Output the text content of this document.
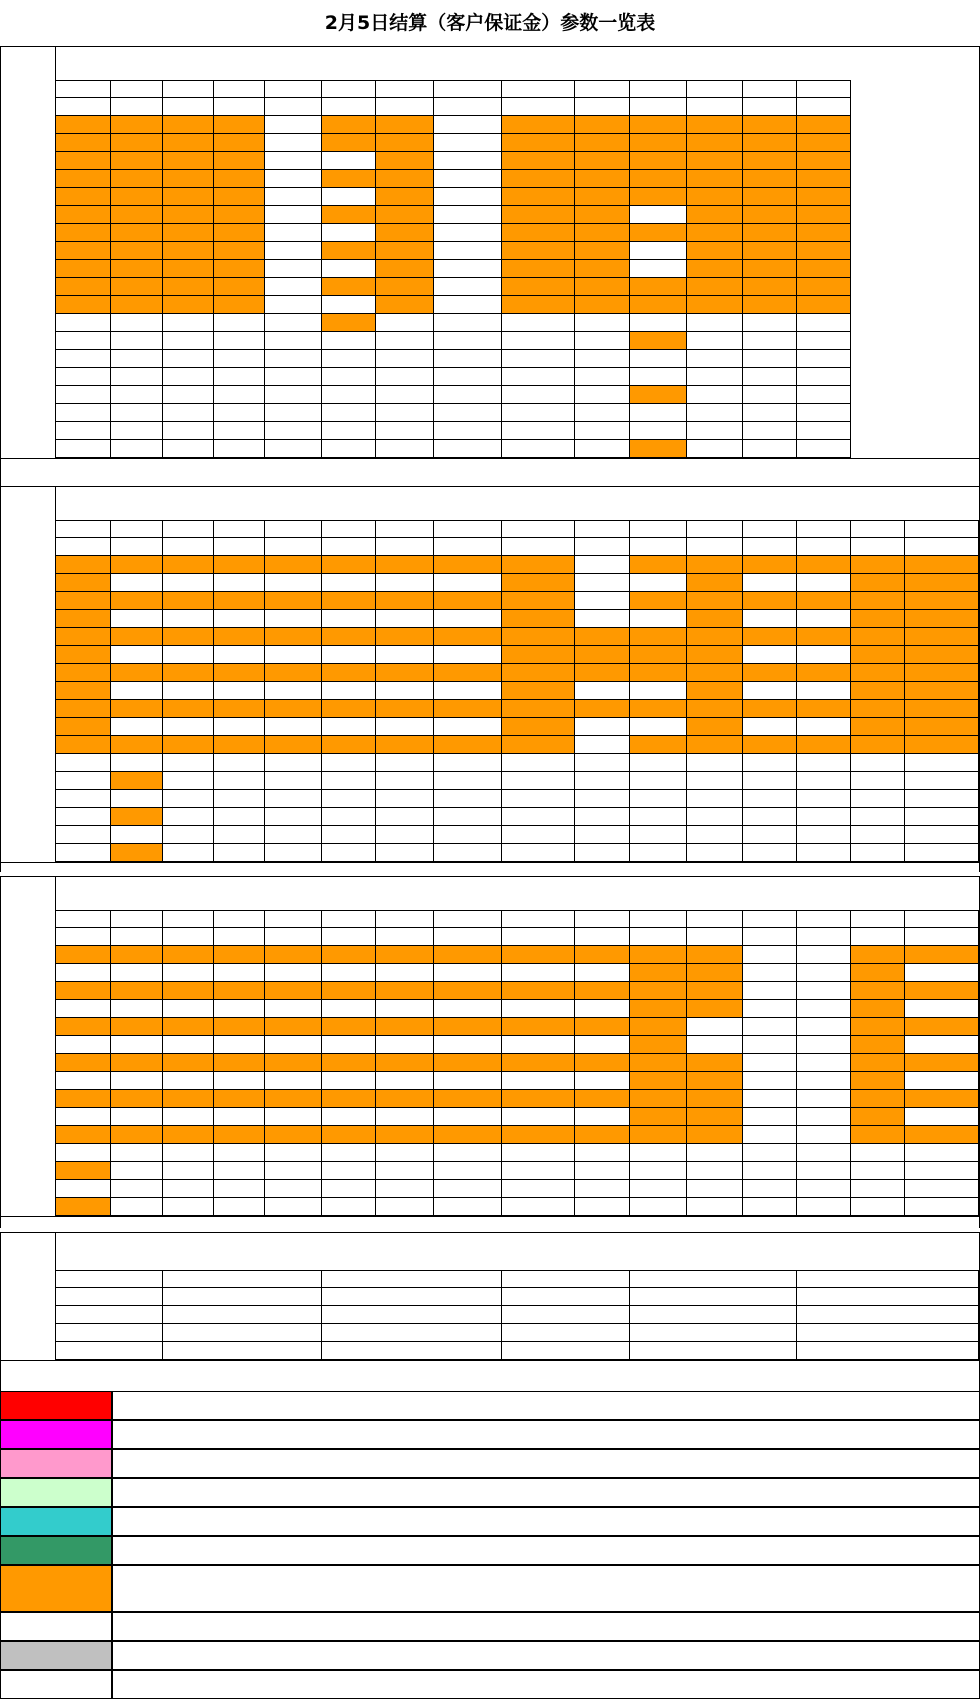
2月5日结算（客户保证金）参数一览表
